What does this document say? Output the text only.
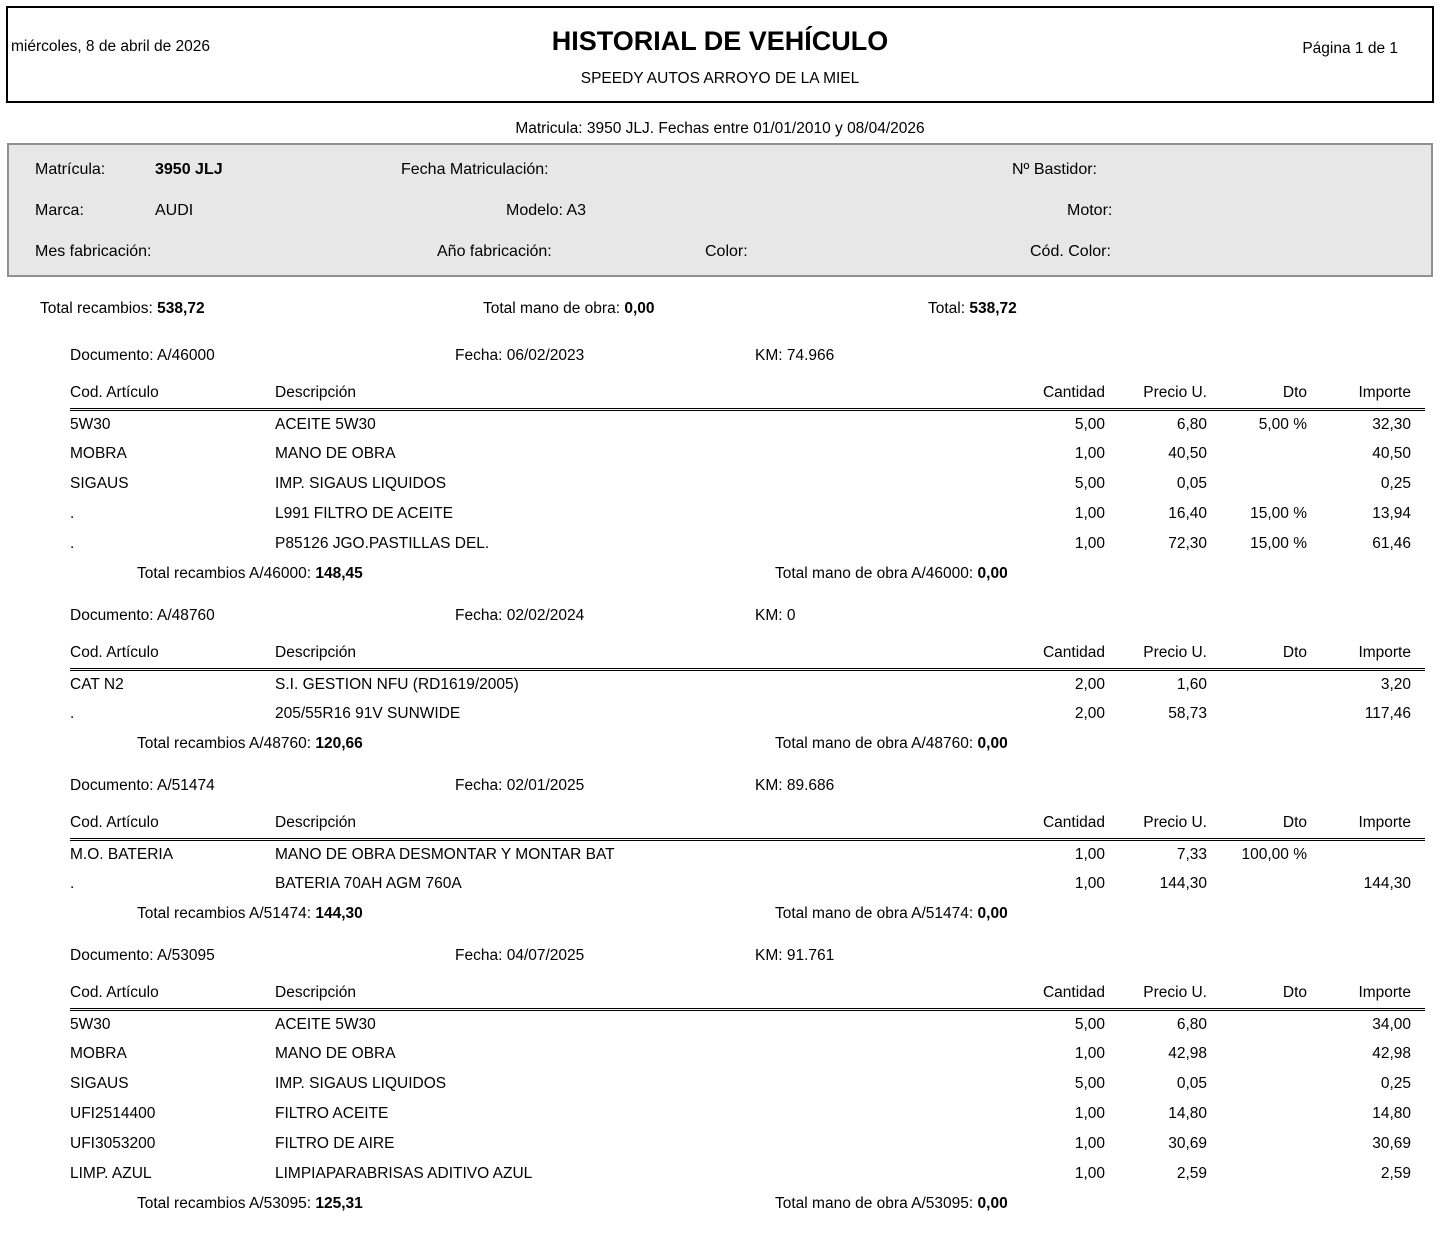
miércoles, 8 de abril de 2026	Página 1 de 1
HISTORIAL DE VEHÍCULO
SPEEDY AUTOS ARROYO DE LA MIEL
Matricula: 3950 JLJ. Fechas entre 01/01/2010 y 08/04/2026
Matrícula:	3950 JLJ	Fecha Matriculación:	Nº Bastidor:
Marca:	AUDI	Modelo: A3	Motor:
Mes fabricación:	Año fabricación:	Color:	Cód. Color:
Total recambios: 538,72	Total mano de obra: 0,00	Total: 538,72
Documento: A/46000	Fecha: 06/02/2023	KM: 74.966
Cod. Artículo	Descripción	Cantidad	Precio U.	Dto	Importe
5W30	ACEITE 5W30	5,00	6,80	5,00 %	32,30
MOBRA	MANO DE OBRA	1,00	40,50		40,50
SIGAUS	IMP. SIGAUS LIQUIDOS	5,00	0,05		0,25
.	L991 FILTRO DE ACEITE	1,00	16,40	15,00 %	13,94
.	P85126 JGO.PASTILLAS DEL.	1,00	72,30	15,00 %	61,46
Total recambios A/46000: 148,45	Total mano de obra A/46000: 0,00
Documento: A/48760	Fecha: 02/02/2024	KM: 0
Cod. Artículo	Descripción	Cantidad	Precio U.	Dto	Importe
CAT N2	S.I. GESTION NFU (RD1619/2005)	2,00	1,60		3,20
.	205/55R16 91V SUNWIDE	2,00	58,73		117,46
Total recambios A/48760: 120,66	Total mano de obra A/48760: 0,00
Documento: A/51474	Fecha: 02/01/2025	KM: 89.686
Cod. Artículo	Descripción	Cantidad	Precio U.	Dto	Importe
M.O. BATERIA	MANO DE OBRA DESMONTAR Y MONTAR BAT	1,00	7,33	100,00 %	
.	BATERIA 70AH AGM 760A	1,00	144,30		144,30
Total recambios A/51474: 144,30	Total mano de obra A/51474: 0,00
Documento: A/53095	Fecha: 04/07/2025	KM: 91.761
Cod. Artículo	Descripción	Cantidad	Precio U.	Dto	Importe
5W30	ACEITE 5W30	5,00	6,80		34,00
MOBRA	MANO DE OBRA	1,00	42,98		42,98
SIGAUS	IMP. SIGAUS LIQUIDOS	5,00	0,05		0,25
UFI2514400	FILTRO ACEITE	1,00	14,80		14,80
UFI3053200	FILTRO DE AIRE	1,00	30,69		30,69
LIMP. AZUL	LIMPIAPARABRISAS ADITIVO AZUL	1,00	2,59		2,59
Total recambios A/53095: 125,31	Total mano de obra A/53095: 0,00
